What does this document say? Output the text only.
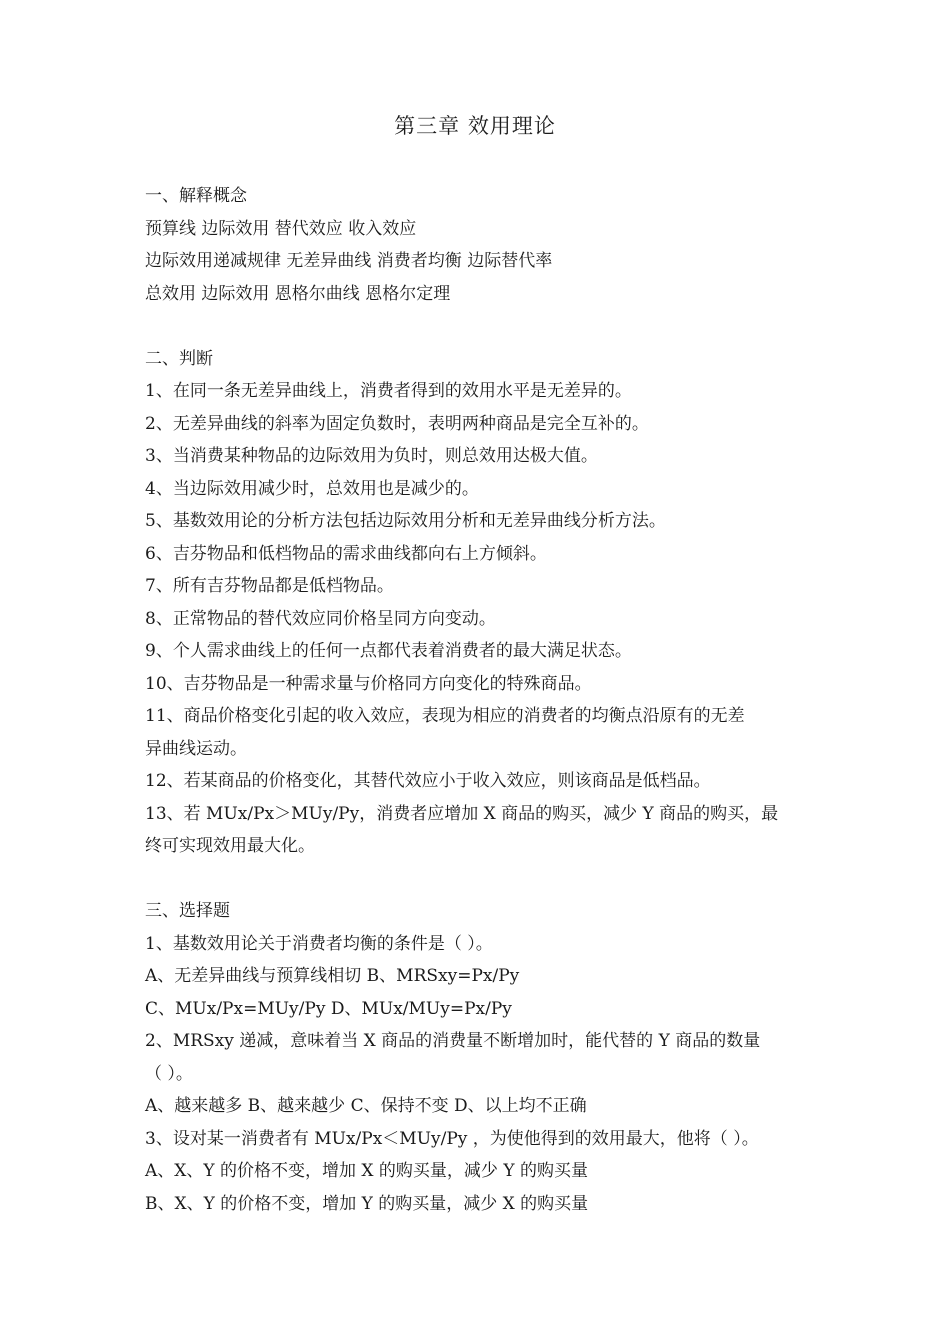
第三章 效用理论
一、解释概念
预算线 边际效用 替代效应 收入效应
边际效用递减规律 无差异曲线 消费者均衡 边际替代率
总效用 边际效用 恩格尔曲线 恩格尔定理
二、判断
1、在同一条无差异曲线上，消费者得到的效用水平是无差异的。
2、无差异曲线的斜率为固定负数时，表明两种商品是完全互补的。
3、当消费某种物品的边际效用为负时，则总效用达极大值。
4、当边际效用减少时，总效用也是减少的。
5、基数效用论的分析方法包括边际效用分析和无差异曲线分析方法。
6、吉芬物品和低档物品的需求曲线都向右上方倾斜。
7、所有吉芬物品都是低档物品。
8、正常物品的替代效应同价格呈同方向变动。
9、个人需求曲线上的任何一点都代表着消费者的最大满足状态。
10、吉芬物品是一种需求量与价格同方向变化的特殊商品。
11、商品价格变化引起的收入效应，表现为相应的消费者的均衡点沿原有的无差
异曲线运动。
12、若某商品的价格变化，其替代效应小于收入效应，则该商品是低档品。
13、若 MUx/Px＞MUy/Py，消费者应增加 X 商品的购买，减少 Y 商品的购买，最
终可实现效用最大化。
三、选择题
1、基数效用论关于消费者均衡的条件是（ ）。
A、无差异曲线与预算线相切 B、MRSxy=Px/Py
C、MUx/Px=MUy/Py D、MUx/MUy=Px/Py
2、MRSxy 递减，意味着当 X 商品的消费量不断增加时，能代替的 Y 商品的数量
（ ）。
A、越来越多 B、越来越少 C、保持不变 D、以上均不正确
3、设对某一消费者有 MUx/Px＜MUy/Py ，为使他得到的效用最大，他将（ ）。
A、X、Y 的价格不变，增加 X 的购买量，减少 Y 的购买量
B、X、Y 的价格不变，增加 Y 的购买量，减少 X 的购买量
